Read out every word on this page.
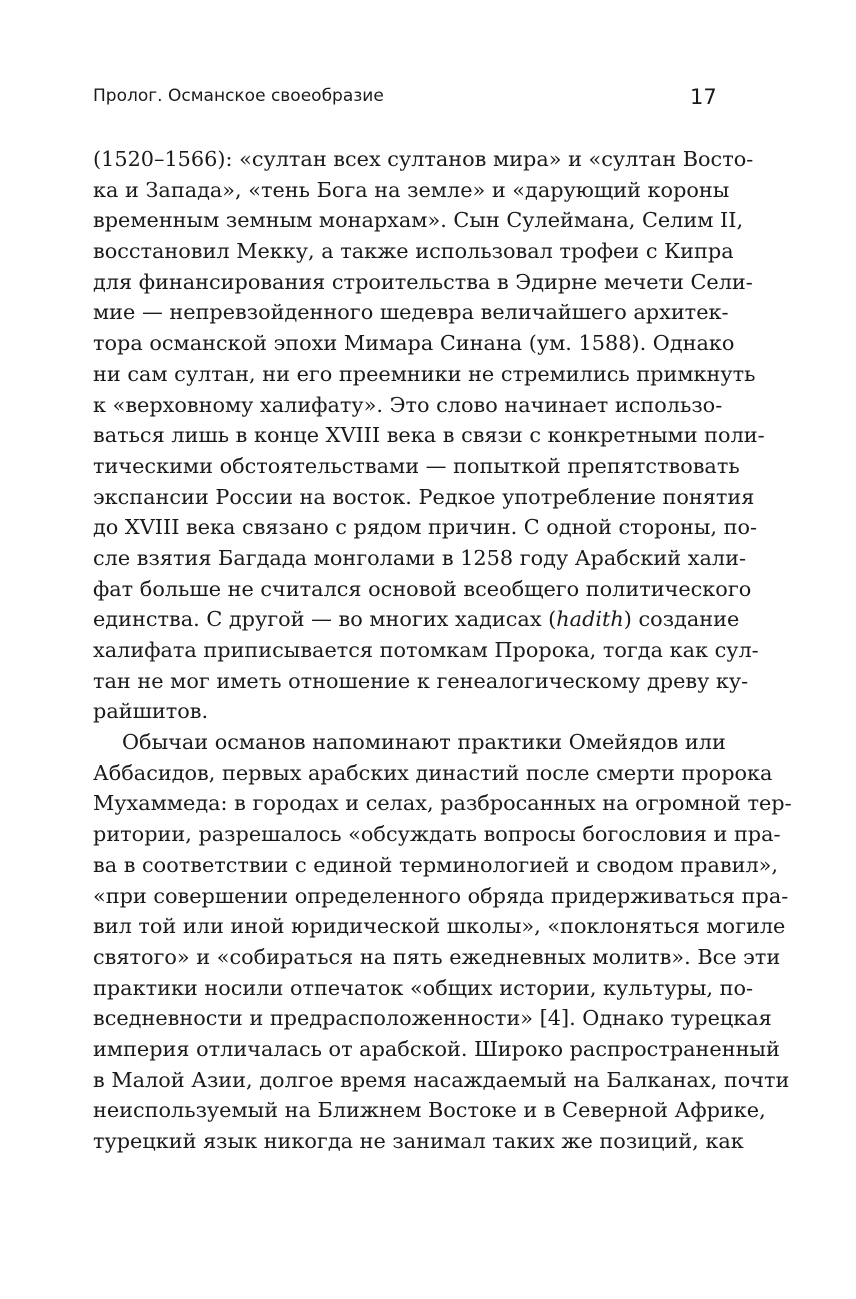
Пролог. Османское своеобразие	17
(1520–1566): «султан всех султанов мира» и «султан Восто-
ка и Запада», «тень Бога на земле» и «дарующий короны
временным земным монархам». Сын Сулеймана, Селим II,
восстановил Мекку, а также использовал трофеи с Кипра
для финансирования строительства в Эдирне мечети Сели-
мие — непревзойденного шедевра величайшего архитек-
тора османской эпохи Мимара Синана (ум. 1588). Однако
ни сам султан, ни его преемники не стремились примкнуть
к «верховному халифату». Это слово начинает использо-
ваться лишь в конце XVIII века в связи с конкретными поли-
тическими обстоятельствами — попыткой препятствовать
экспансии России на восток. Редкое употребление понятия
до XVIII века связано с рядом причин. С одной стороны, по-
сле взятия Багдада монголами в 1258 году Арабский хали-
фат больше не считался основой всеобщего политического
единства. С другой — во многих хадисах (hadith) создание
халифата приписывается потомкам Пророка, тогда как сул-
тан не мог иметь отношение к генеалогическому древу ку-
райшитов.
Обычаи османов напоминают практики Омейядов или
Аббасидов, первых арабских династий после смерти пророка
Мухаммеда: в городах и селах, разбросанных на огромной тер-
ритории, разрешалось «обсуждать вопросы богословия и пра-
ва в соответствии с единой терминологией и сводом правил»,
«при совершении определенного обряда придерживаться пра-
вил той или иной юридической школы», «поклоняться могиле
святого» и «собираться на пять ежедневных молитв». Все эти
практики носили отпечаток «общих истории, культуры, по-
вседневности и предрасположенности» [4]. Однако турецкая
империя отличалась от арабской. Широко распространенный
в Малой Азии, долгое время насаждаемый на Балканах, почти
неиспользуемый на Ближнем Востоке и в Северной Африке,
турецкий язык никогда не занимал таких же позиций, как
